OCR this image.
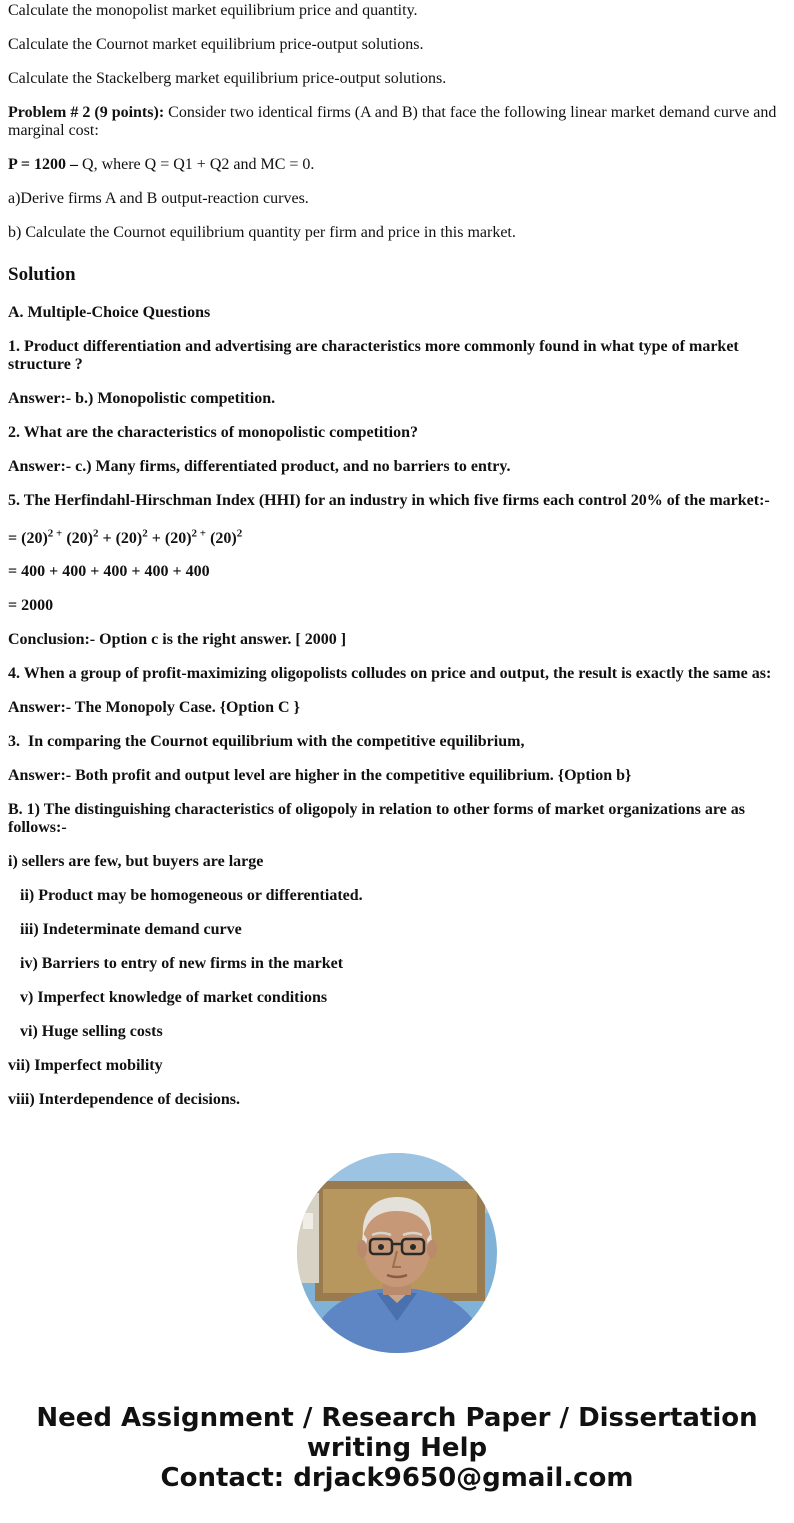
Calculate the monopolist market equilibrium price and quantity.

Calculate the Cournot market equilibrium price-output solutions.

Calculate the Stackelberg market equilibrium price-output solutions.

Problem # 2 (9 points): Consider two identical firms (A and B) that face the following linear market demand curve and marginal cost:

P = 1200 – Q, where Q = Q1 + Q2 and MC = 0.

a)Derive firms A and B output-reaction curves.

b) Calculate the Cournot equilibrium quantity per firm and price in this market.

Solution

A. Multiple-Choice Questions

1. Product differentiation and advertising are characteristics more commonly found in what type of market structure ?

Answer:- b.) Monopolistic competition.

2. What are the characteristics of monopolistic competition?

Answer:- c.) Many firms, differentiated product, and no barriers to entry.

5. The Herfindahl-Hirschman Index (HHI) for an industry in which five firms each control 20% of the market:-

= $(20)^2$ + $(20)^2 + (20)^2 + (20)^2$ + $(20)^2$

= 400 + 400 + 400 + 400 + 400

= 2000

Conclusion:- Option c is the right answer. [ 2000 ]

4. When a group of profit-maximizing oligopolists colludes on price and output, the result is exactly the same as:

Answer:- The Monopoly Case. {Option C }

3.  In comparing the Cournot equilibrium with the competitive equilibrium,

Answer:- Both profit and output level are higher in the competitive equilibrium. {Option b}

B. 1) The distinguishing characteristics of oligopoly in relation to other forms of market organizations are as follows:-

i) sellers are few, but buyers are large

ii) Product may be homogeneous or differentiated.

iii) Indeterminate demand curve

iv) Barriers to entry of new firms in the market

v) Imperfect knowledge of market conditions

vi) Huge selling costs

vii) Imperfect mobility

viii) Interdependence of decisions.

Need Assignment / Research Paper / Dissertation
writing Help
Contact: drjack9650@gmail.com
